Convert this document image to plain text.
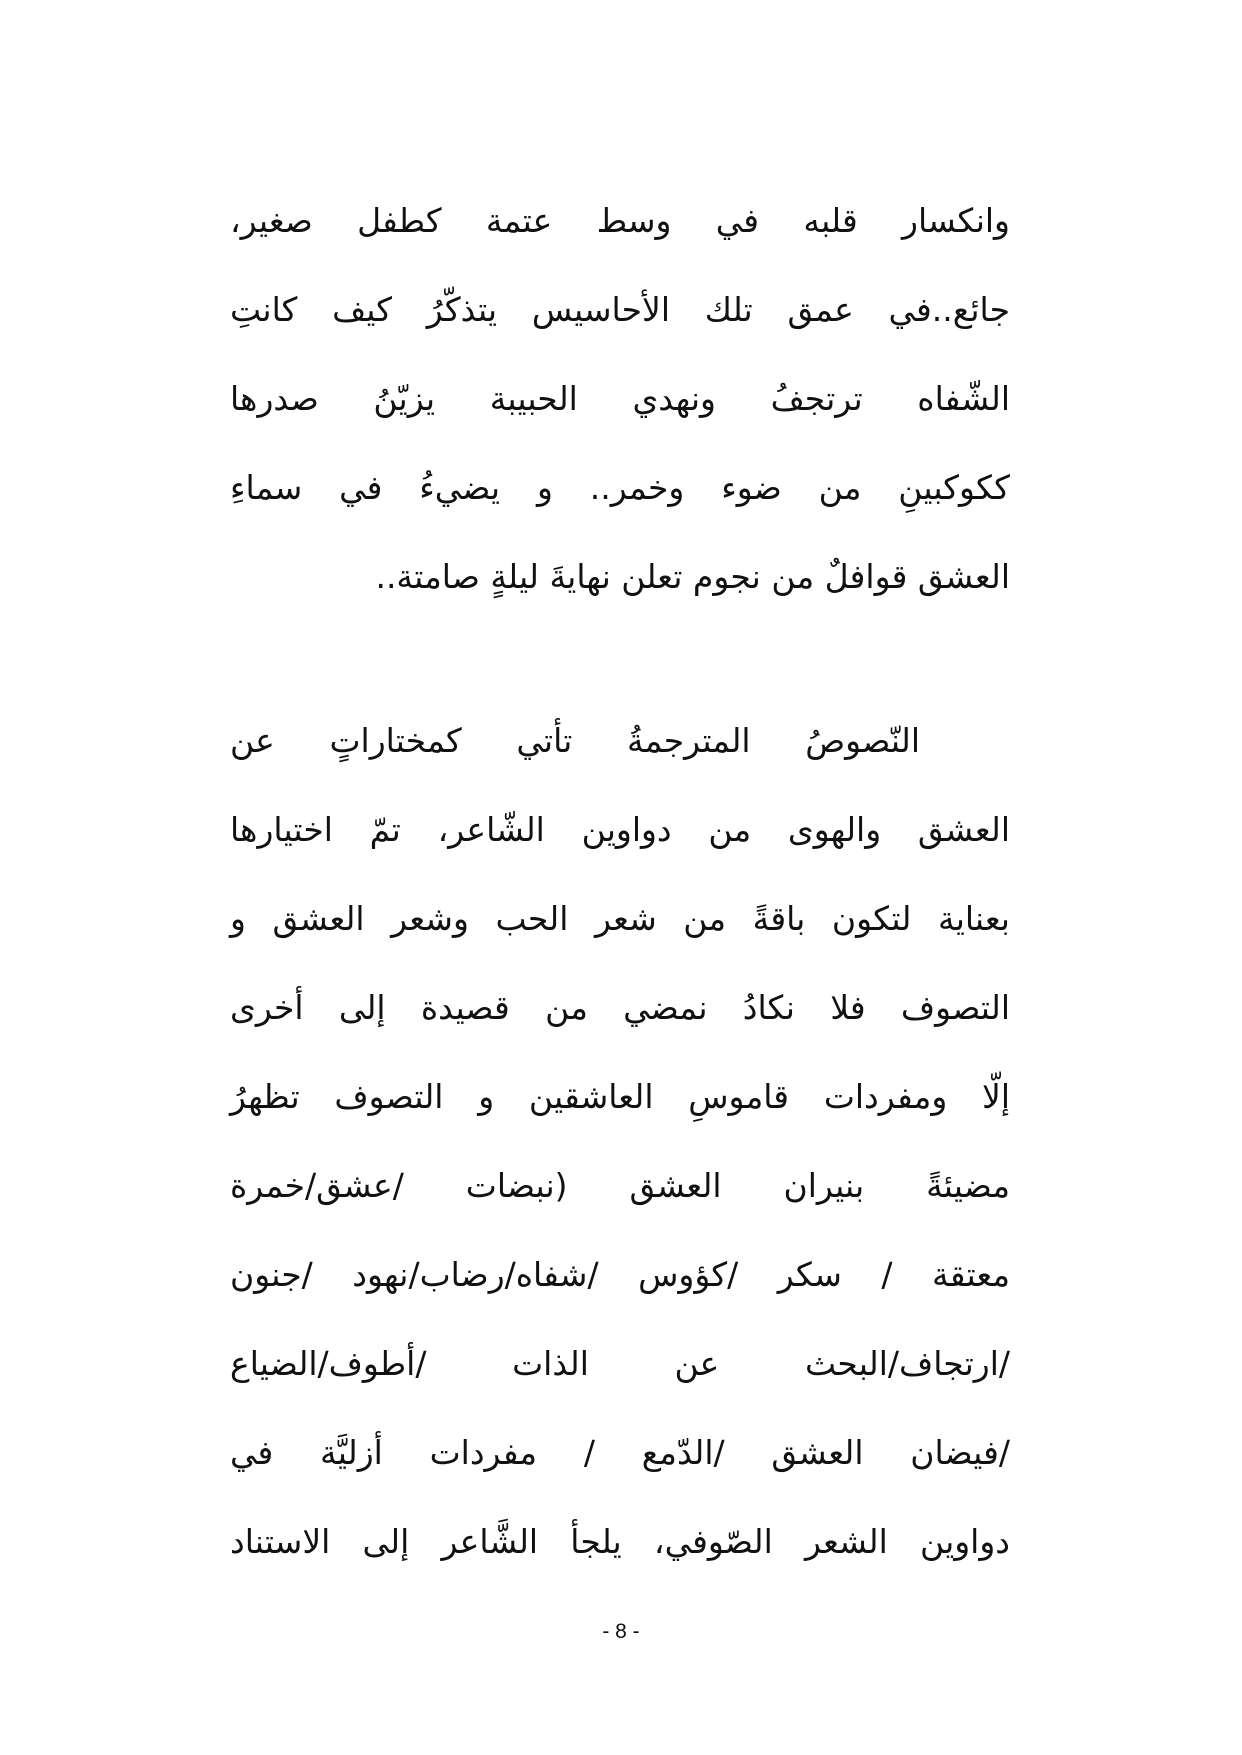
وانكسار قلبه في وسط عتمة كطفل صغير،
جائع..في عمق تلك الأحاسيس يتذكّرُ كيف كانتِ
الشّفاه ترتجفُ ونهدي الحبيبة يزيّنُ صدرها
ككوكبينِ من ضوء وخمر.. و يضيءُ في سماءِ
العشق قوافلٌ من نجوم تعلن نهايةَ ليلةٍ صامتة..
النّصوصُ المترجمةُ تأتي كمختاراتٍ عن
العشق والهوى من دواوين الشّاعر، تمّ اختيارها
بعناية لتكون باقةً من شعر الحب وشعر العشق و
التصوف فلا نكادُ نمضي من قصيدة إلى أخرى
إلّا ومفردات قاموسِ العاشقين و التصوف تظهرُ
مضيئةً بنيران العشق (نبضات /عشق/خمرة
معتقة / سكر /كؤوس /شفاه/رضاب/نهود /جنون
/ارتجاف/البحث عن الذات /أطوف/الضياع
/فيضان العشق /الدّمع / مفردات أزليَّة في
دواوين الشعر الصّوفي، يلجأ الشَّاعر إلى الاستناد
- 8 -
